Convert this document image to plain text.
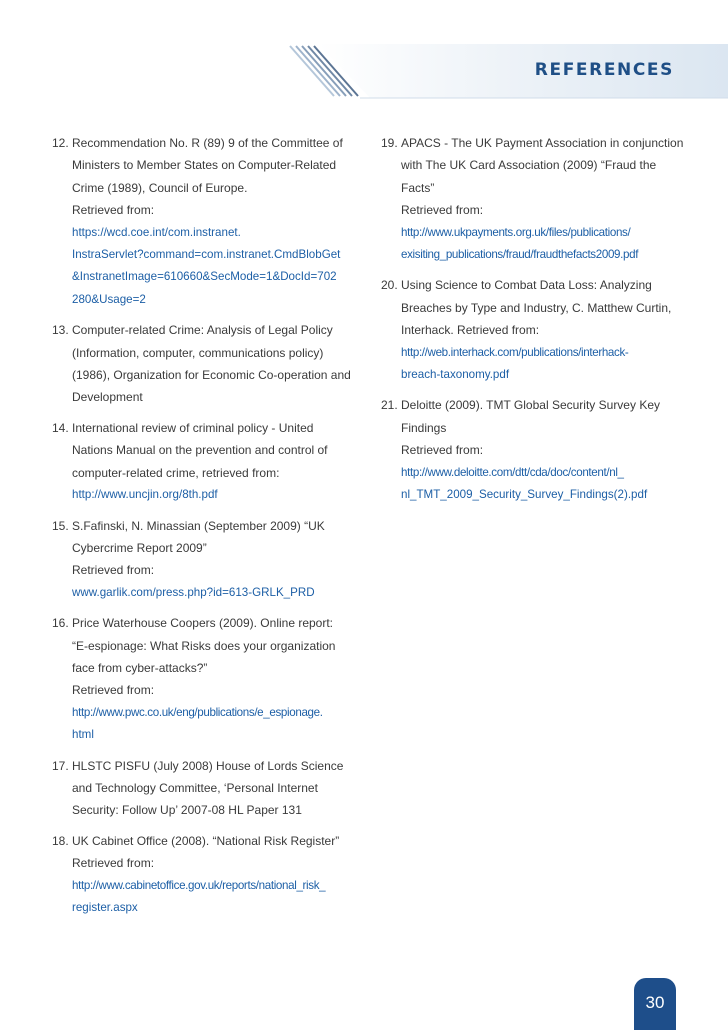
REFERENCES
12. Recommendation No. R (89) 9 of the Committee of
Ministers to Member States on Computer-Related
Crime (1989), Council of Europe.
Retrieved from:
https://wcd.coe.int/com.instranet.
InstraServlet?command=com.instranet.CmdBlobGet
&InstranetImage=610660&SecMode=1&DocId=702
280&Usage=2
13. Computer-related Crime: Analysis of Legal Policy
(Information, computer, communications policy)
(1986), Organization for Economic Co-operation and
Development
14. International review of criminal policy - United
Nations Manual on the prevention and control of
computer-related crime, retrieved from:
http://www.uncjin.org/8th.pdf
15. S.Fafinski, N. Minassian (September 2009) “UK
Cybercrime Report 2009”
Retrieved from:
www.garlik.com/press.php?id=613-GRLK_PRD
16. Price Waterhouse Coopers (2009). Online report:
“E-espionage: What Risks does your organization
face from cyber-attacks?”
Retrieved from:
http://www.pwc.co.uk/eng/publications/e_espionage.
html
17. HLSTC PISFU (July 2008) House of Lords Science
and Technology Committee, ‘Personal Internet
Security: Follow Up’ 2007-08 HL Paper 131
18. UK Cabinet Office (2008). “National Risk Register”
Retrieved from:
http://www.cabinetoffice.gov.uk/reports/national_risk_
register.aspx
19. APACS - The UK Payment Association in conjunction
with The UK Card Association (2009) “Fraud the
Facts”
Retrieved from:
http://www.ukpayments.org.uk/files/publications/
exisiting_publications/fraud/fraudthefacts2009.pdf
20. Using Science to Combat Data Loss: Analyzing
Breaches by Type and Industry, C. Matthew Curtin,
Interhack. Retrieved from:
http://web.interhack.com/publications/interhack-
breach-taxonomy.pdf
21. Deloitte (2009). TMT Global Security Survey Key
Findings
Retrieved from:
http://www.deloitte.com/dtt/cda/doc/content/nl_
nl_TMT_2009_Security_Survey_Findings(2).pdf
30
